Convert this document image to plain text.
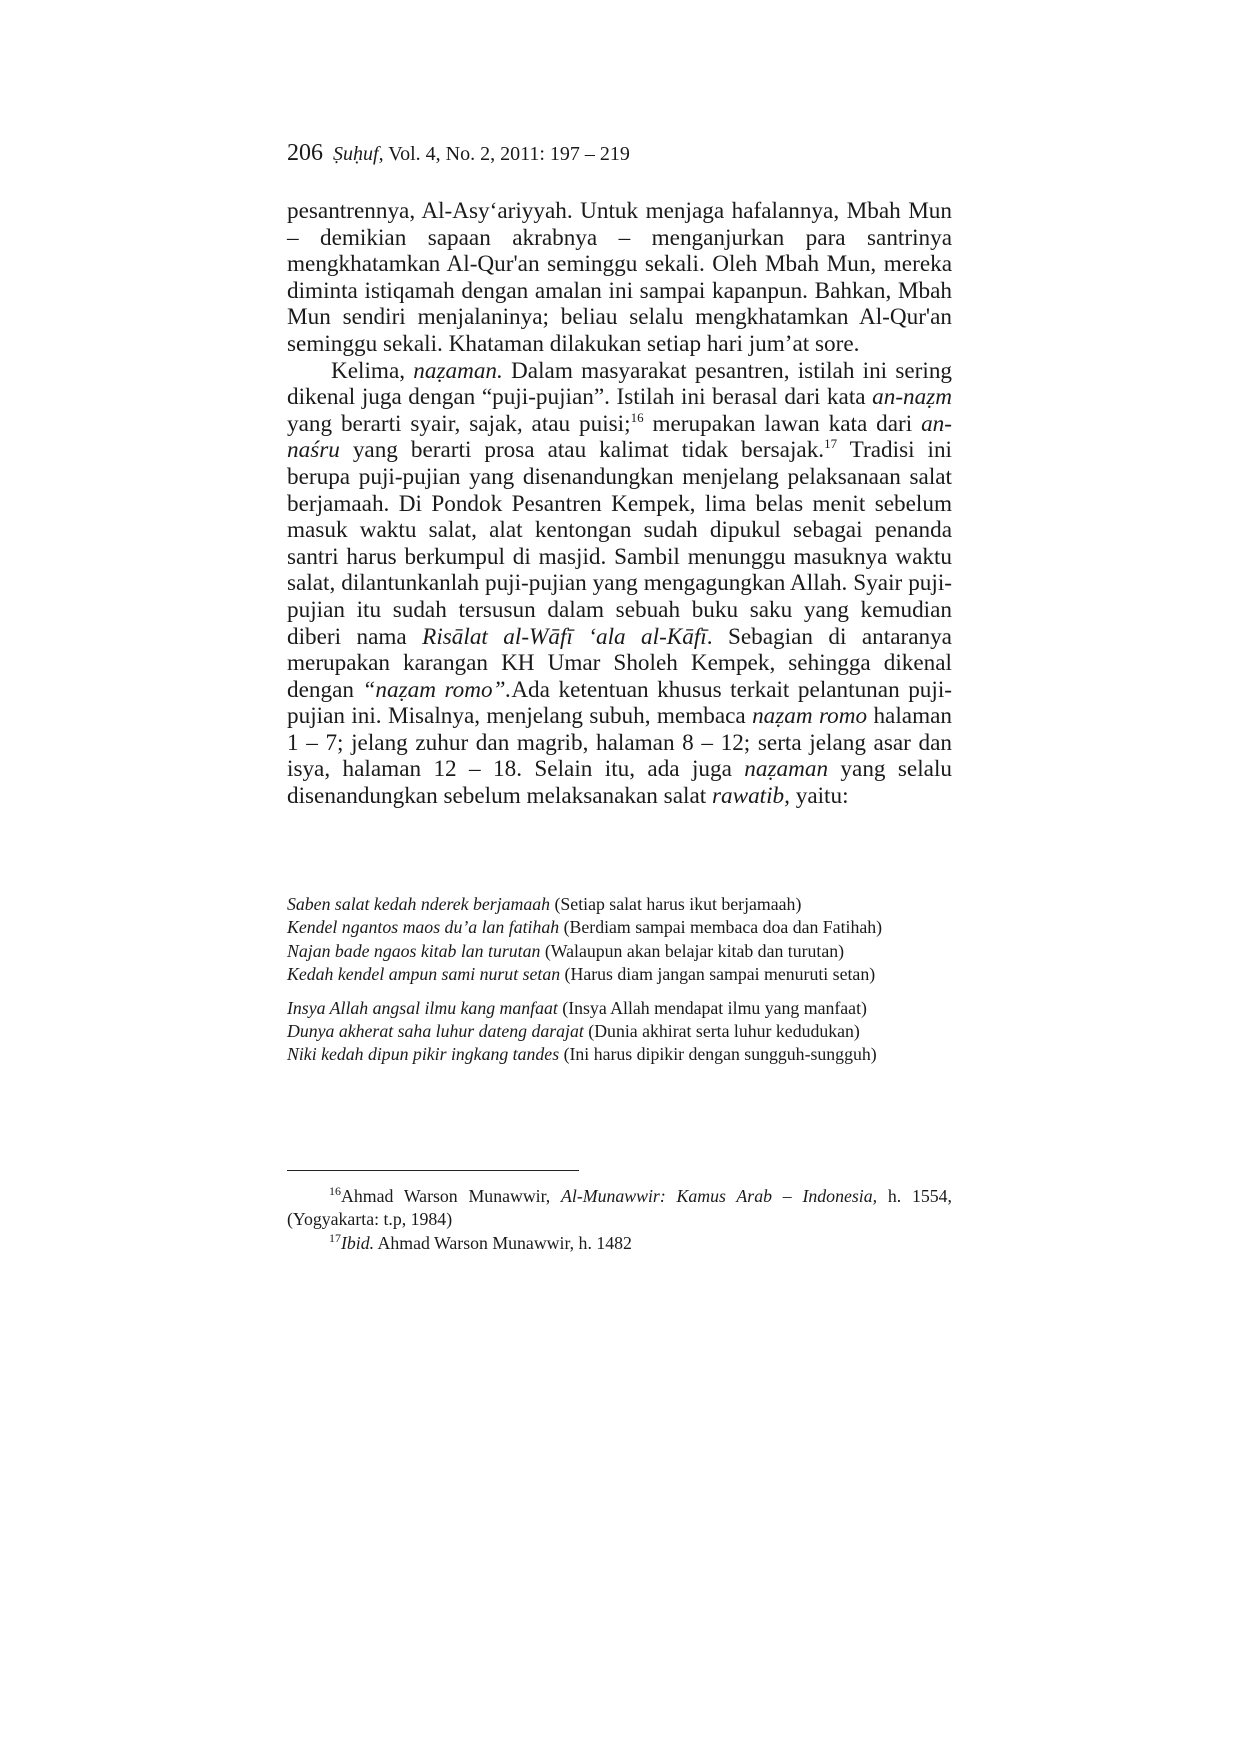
206 Ṣuḥuf, Vol. 4, No. 2, 2011: 197 – 219

pesantrennya, Al-Asy‘ariyyah. Untuk menjaga hafalannya, Mbah Mun – demikian sapaan akrabnya – menganjurkan para santrinya mengkhatamkan Al-Qur'an seminggu sekali. Oleh Mbah Mun, mereka diminta istiqamah dengan amalan ini sampai kapanpun. Bahkan, Mbah Mun sendiri menjalaninya; beliau selalu mengkhatamkan Al-Qur'an seminggu sekali. Khataman dilakukan setiap hari jum’at sore.

Kelima, naẓaman. Dalam masyarakat pesantren, istilah ini sering dikenal juga dengan “puji-pujian”. Istilah ini berasal dari kata an-naẓm yang berarti syair, sajak, atau puisi;$^{16}$ merupakan lawan kata dari an-naśru yang berarti prosa atau kalimat tidak bersajak.$^{17}$ Tradisi ini berupa puji-pujian yang disenandungkan menjelang pelaksanaan salat berjamaah. Di Pondok Pesantren Kempek, lima belas menit sebelum masuk waktu salat, alat kentongan sudah dipukul sebagai penanda santri harus berkumpul di masjid. Sambil menunggu masuknya waktu salat, dilantunkanlah puji-pujian yang mengagungkan Allah. Syair puji-pujian itu sudah tersusun dalam sebuah buku saku yang kemudian diberi nama Risālat al-Wāfī ‘ala al-Kāfī. Sebagian di antaranya merupakan karangan KH Umar Sholeh Kempek, sehingga dikenal dengan “naẓam romo”.Ada ketentuan khusus terkait pelantunan puji-pujian ini. Misalnya, menjelang subuh, membaca naẓam romo halaman 1 – 7; jelang zuhur dan magrib, halaman 8 – 12; serta jelang asar dan isya, halaman 12 – 18. Selain itu, ada juga naẓaman yang selalu disenandungkan sebelum melaksanakan salat rawatib, yaitu:

Saben salat kedah nderek berjamaah (Setiap salat harus ikut berjamaah)
Kendel ngantos maos du’a lan fatihah (Berdiam sampai membaca doa dan Fatihah)
Najan bade ngaos kitab lan turutan (Walaupun akan belajar kitab dan turutan)
Kedah kendel ampun sami nurut setan (Harus diam jangan sampai menuruti setan)
Insya Allah angsal ilmu kang manfaat (Insya Allah mendapat ilmu yang manfaat)
Dunya akherat saha luhur dateng darajat (Dunia akhirat serta luhur kedudukan)
Niki kedah dipun pikir ingkang tandes (Ini harus dipikir dengan sungguh-sungguh)

$^{16}$Ahmad Warson Munawwir, Al-Munawwir: Kamus Arab – Indonesia, h. 1554, (Yogyakarta: t.p, 1984)

$^{17}$Ibid. Ahmad Warson Munawwir, h. 1482
